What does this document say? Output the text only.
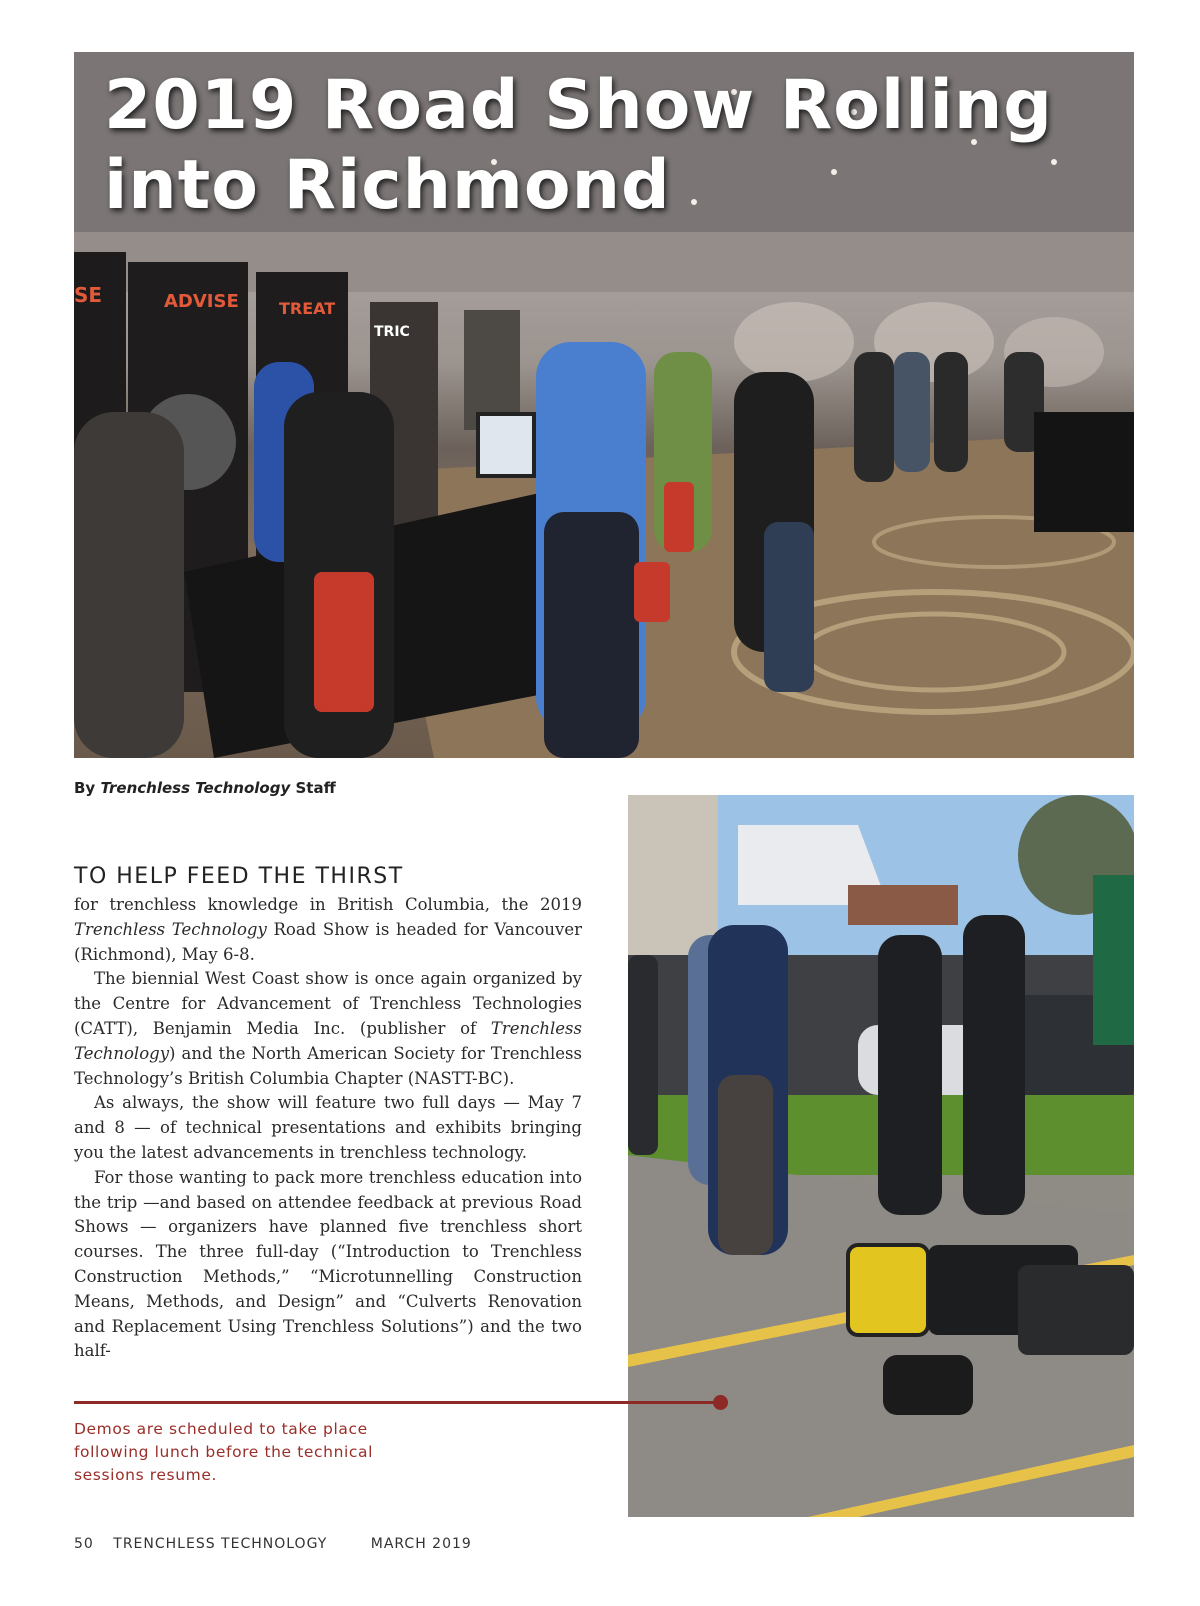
SE	ADVISE	TREAT
TRIC
2019 Road Show Rolling
into Richmond
By Trenchless Technology Staff
TO HELP FEED THE THIRST

for trenchless knowledge in British Columbia, the 2019 Trenchless Technology Road Show is headed for Vancouver (Richmond), May 6-8.

The biennial West Coast show is once again organized by the Centre for Advancement of Trenchless Technologies (CATT), Benjamin Media Inc. (publisher of Trenchless Technology) and the North American Society for Trenchless Technology’s British Columbia Chapter (NASTT-BC).

As always, the show will feature two full days — May 7 and 8 — of technical presentations and exhibits bringing you the latest advancements in trenchless technology.

For those wanting to pack more trenchless education into the trip —and based on attendee feedback at previous Road Shows — organizers have planned five trenchless short courses. The three full-day (“Introduction to Trenchless Construction Methods,” “Microtunnelling Construction Means, Methods, and Design” and “Culverts Renovation and Replacement Using Trenchless Solutions”) and the two half-

Demos are scheduled to take place following lunch before the technical sessions resume.
50 TRENCHLESS TECHNOLOGY	MARCH 2019
